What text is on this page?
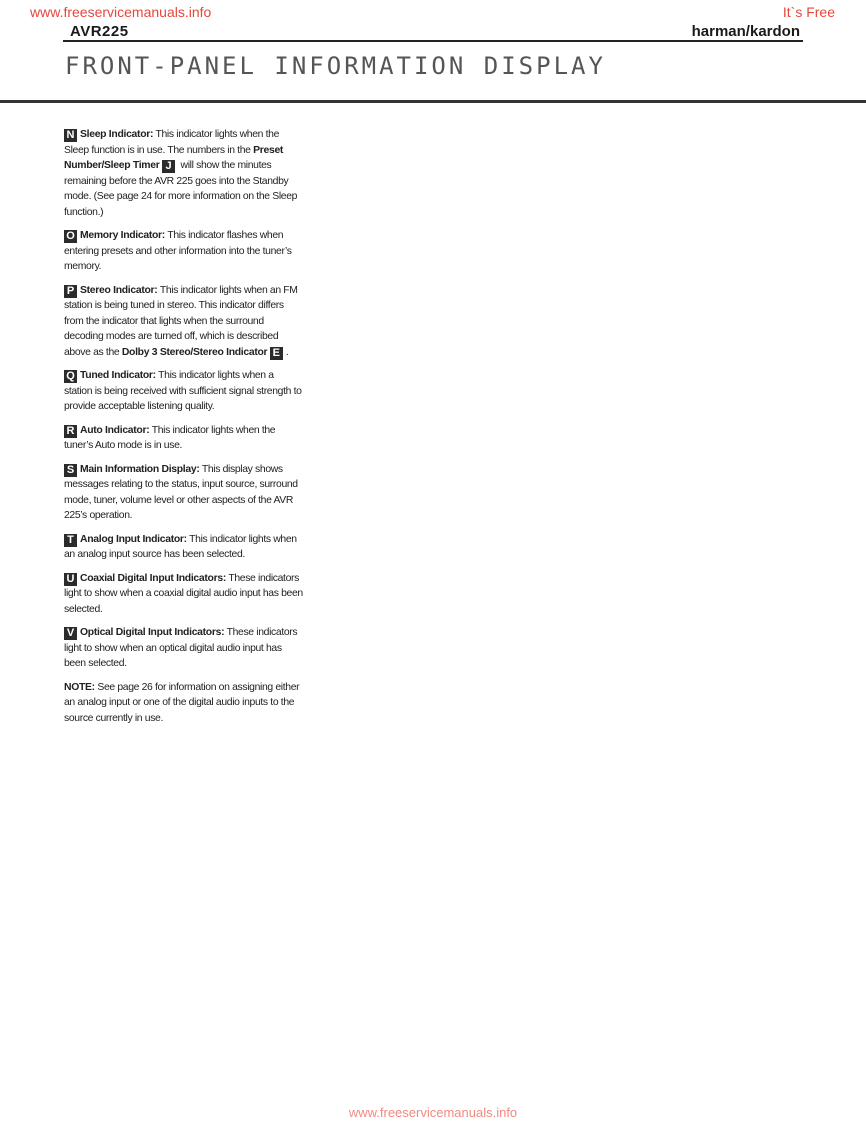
www.freeservicemanuals.info	It`s Free
AVR225	harman/kardon
FRONT-PANEL INFORMATION DISPLAY

N Sleep Indicator: This indicator lights when the Sleep function is in use. The numbers in the Preset Number/Sleep Timer J will show the minutes remaining before the AVR 225 goes into the Standby mode. (See page 24 for more information on the Sleep function.)

O Memory Indicator: This indicator flashes when entering presets and other information into the tuner’s memory.

P Stereo Indicator: This indicator lights when an FM station is being tuned in stereo. This indicator differs from the indicator that lights when the surround decoding modes are turned off, which is described above as the Dolby 3 Stereo/Stereo Indicator E .

Q Tuned Indicator: This indicator lights when a station is being received with sufficient signal strength to provide acceptable listening quality.

R Auto Indicator: This indicator lights when the tuner’s Auto mode is in use.

S Main Information Display: This display shows messages relating to the status, input source, surround mode, tuner, volume level or other aspects of the AVR 225’s operation.

T Analog Input Indicator: This indicator lights when an analog input source has been selected.

U Coaxial Digital Input Indicators: These indicators light to show when a coaxial digital audio input has been selected.

V Optical Digital Input Indicators: These indicators light to show when an optical digital audio input has been selected.

NOTE: See page 26 for information on assigning either an analog input or one of the digital audio inputs to the source currently in use.

www.freeservicemanuals.info
